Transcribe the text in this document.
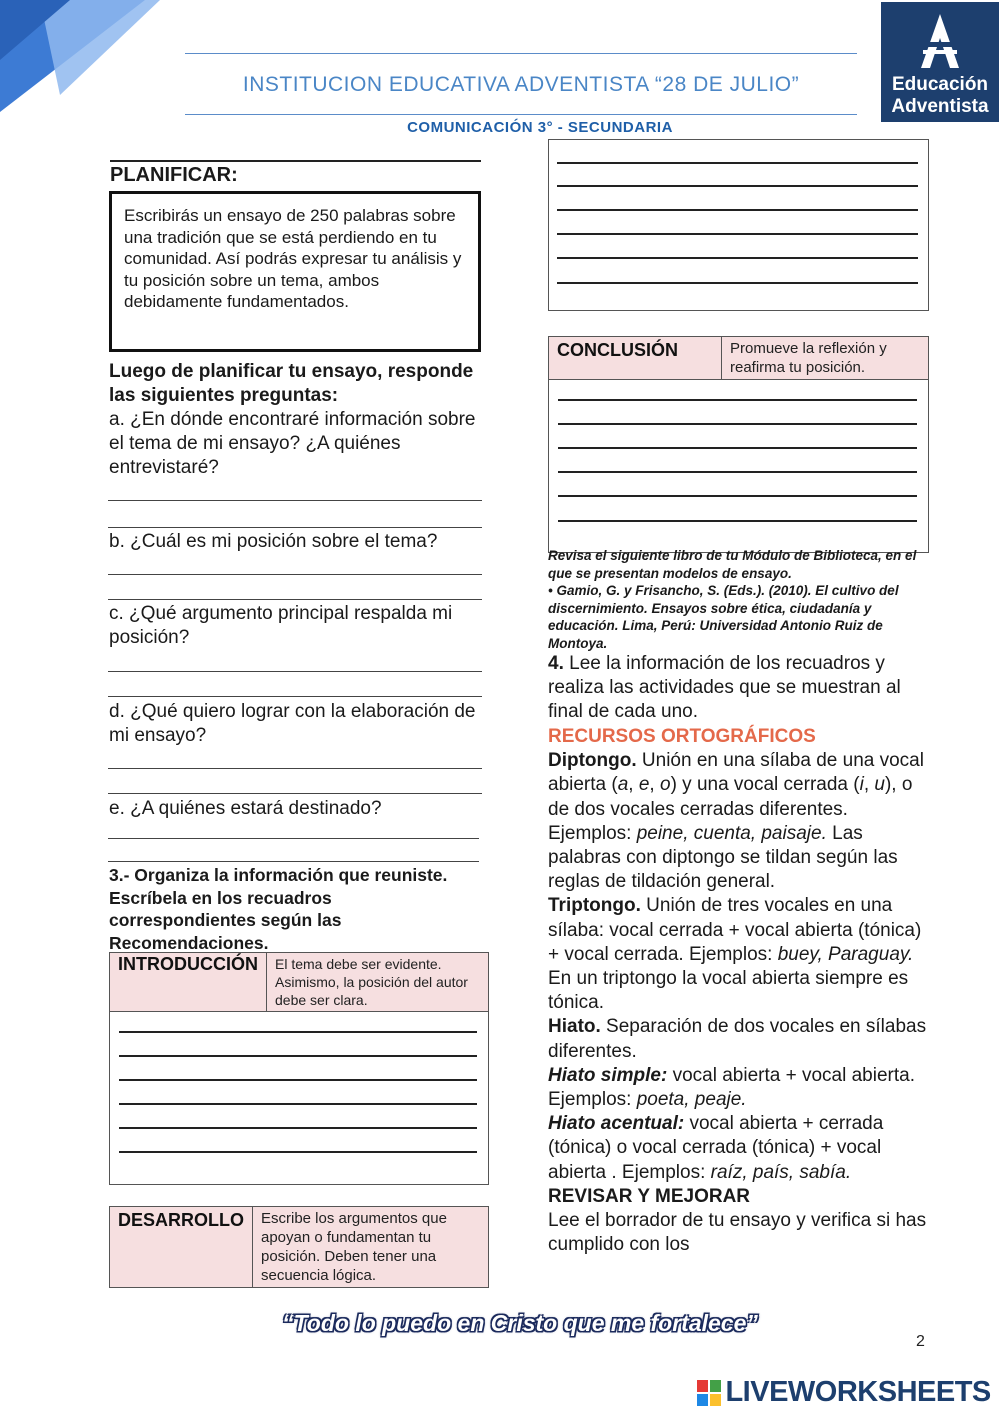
Educación
Adventista
INSTITUCION EDUCATIVA ADVENTISTA “28 DE JULIO”
COMUNICACIÓN 3° - SECUNDARIA
PLANIFICAR:

Escribirás un ensayo de 250 palabras sobre una tradición que se está perdiendo en tu comunidad. Así podrás expresar tu análisis y tu posición sobre un tema, ambos debidamente fundamentados.

Luego de planificar tu ensayo, responde las siguientes preguntas:
a. ¿En dónde encontraré información sobre el tema de mi ensayo? ¿A quiénes entrevistaré?
b. ¿Cuál es mi posición sobre el tema?
c. ¿Qué argumento principal respalda mi posición?
d. ¿Qué quiero lograr con la elaboración de mi ensayo?
e. ¿A quiénes estará destinado?
3.- Organiza la información que reuniste. Escríbela en los recuadros correspondientes según las Recomendaciones.
INTRODUCCIÓN	El tema debe ser evidente. Asimismo, la posición del autor debe ser clara.

DESARROLLO	Escribe los argumentos que apoyan o fundamentan tu posición. Deben tener una secuencia lógica.
CONCLUSIÓN	Promueve la reflexión y reafirma tu posición.

Revisa el siguiente libro de tu Módulo de Biblioteca, en el que se presentan modelos de ensayo.
• Gamio, G. y Frisancho, S. (Eds.). (2010). El cultivo del discernimiento. Ensayos sobre ética, ciudadanía y educación. Lima, Perú: Universidad Antonio Ruiz de Montoya.
4. Lee la información de los recuadros y realiza las actividades que se muestran al final de cada uno.
RECURSOS ORTOGRÁFICOS
Diptongo. Unión en una sílaba de una vocal abierta (a, e, o) y una vocal cerrada (i, u), o de dos vocales cerradas diferentes. Ejemplos: peine, cuenta, paisaje. Las palabras con diptongo se tildan según las reglas de tildación general.
Triptongo. Unión de tres vocales en una sílaba: vocal cerrada + vocal abierta (tónica) + vocal cerrada. Ejemplos: buey, Paraguay. En un triptongo la vocal abierta siempre es tónica.
Hiato. Separación de dos vocales en sílabas diferentes.
Hiato simple: vocal abierta + vocal abierta. Ejemplos: poeta, peaje.
Hiato acentual: vocal abierta + cerrada (tónica) o vocal cerrada (tónica) + vocal abierta . Ejemplos: raíz, país, sabía.
REVISAR Y MEJORAR
Lee el borrador de tu ensayo y verifica si has cumplido con los
“Todo lo puedo en Cristo que me fortalece”
2
LIVEWORKSHEETS
